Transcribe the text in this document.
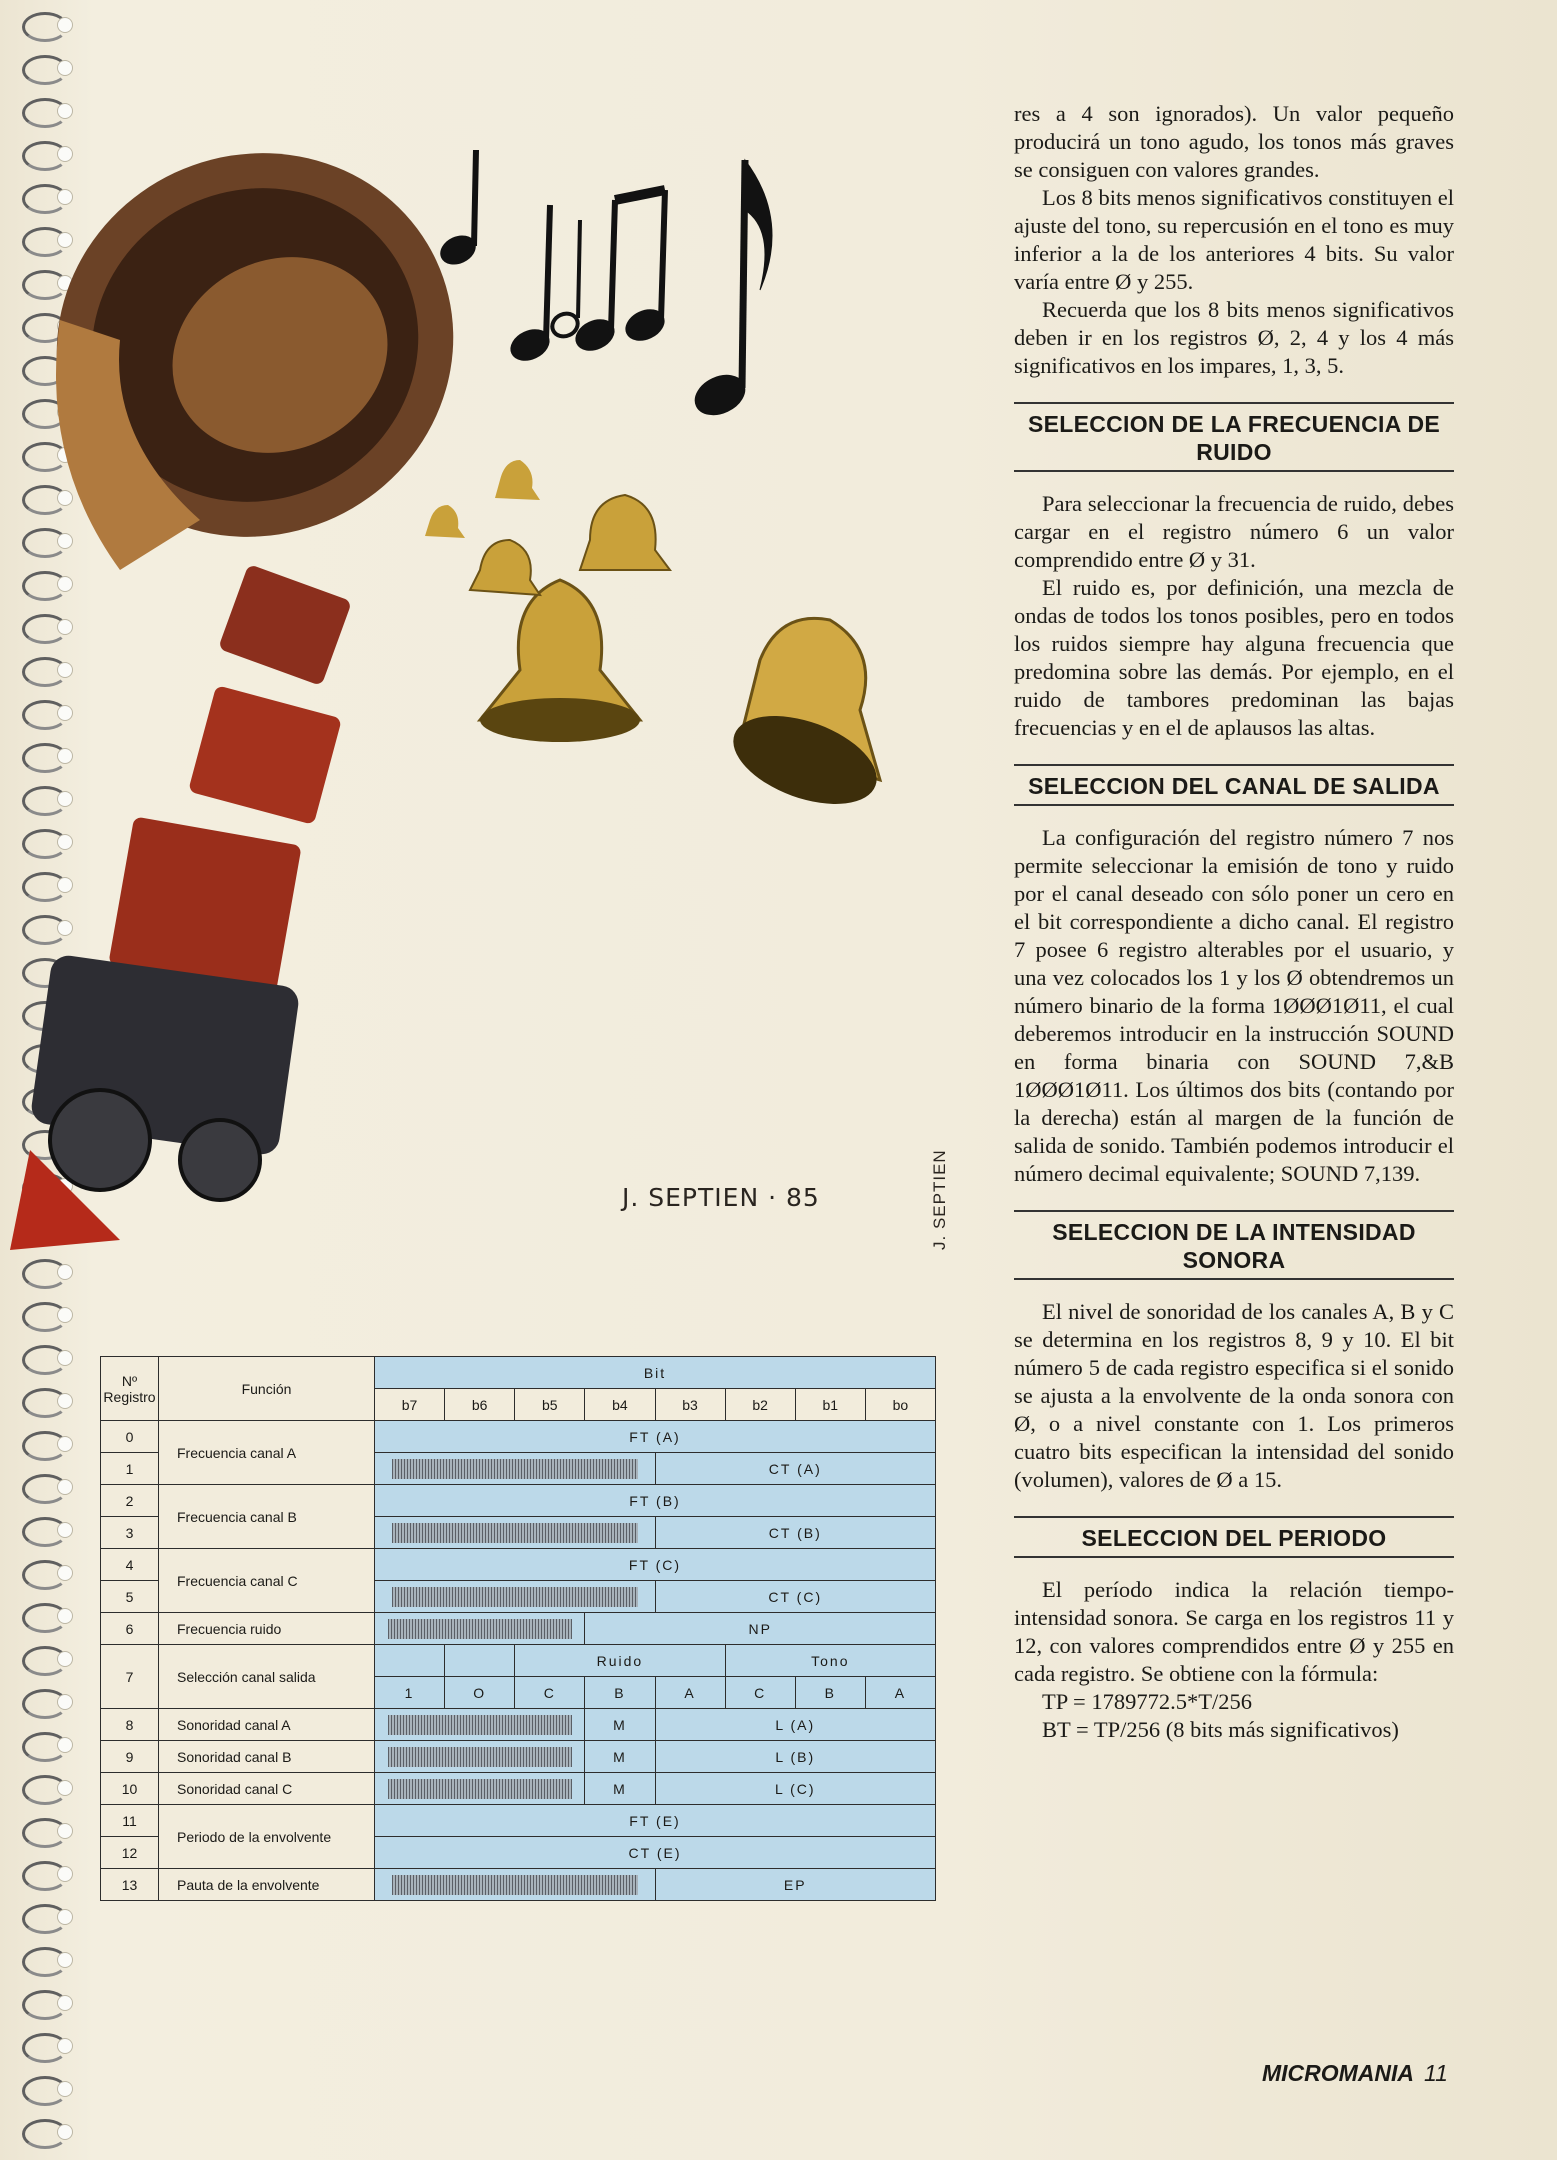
J. SEPTIEN · 85	J. SEPTIEN

res a 4 son ignorados). Un valor pequeño producirá un tono agudo, los tonos más graves se consiguen con valores grandes.

Los 8 bits menos significativos constituyen el ajuste del tono, su repercusión en el tono es muy inferior a la de los anteriores 4 bits. Su valor varía entre Ø y 255.

Recuerda que los 8 bits menos significativos deben ir en los registros Ø, 2, 4 y los 4 más significativos en los impares, 1, 3, 5.

SELECCION DE LA FRECUENCIA DE RUIDO

Para seleccionar la frecuencia de ruido, debes cargar en el registro número 6 un valor comprendido entre Ø y 31.

El ruido es, por definición, una mezcla de ondas de todos los tonos posibles, pero en todos los ruidos siempre hay alguna frecuencia que predomina sobre las demás. Por ejemplo, en el ruido de tambores predominan las bajas frecuencias y en el de aplausos las altas.

SELECCION DEL CANAL DE SALIDA

La configuración del registro número 7 nos permite seleccionar la emisión de tono y ruido por el canal deseado con sólo poner un cero en el bit correspondiente a dicho canal. El registro 7 posee 6 registro alterables por el usuario, y una vez colocados los 1 y los Ø obtendremos un número binario de la forma 1ØØØ1Ø11, el cual deberemos introducir en la instrucción SOUND en forma binaria con SOUND 7,&B 1ØØØ1Ø11. Los últimos dos bits (contando por la derecha) están al margen de la función de salida de sonido. También podemos introducir el número decimal equivalente; SOUND 7,139.

SELECCION DE LA INTENSIDAD SONORA

El nivel de sonoridad de los canales A, B y C se determina en los registros 8, 9 y 10. El bit número 5 de cada registro especifica si el sonido se ajusta a la envolvente de la onda sonora con Ø, o a nivel constante con 1. Los primeros cuatro bits especifican la intensidad del sonido (volumen), valores de Ø a 15.

SELECCION DEL PERIODO

El período indica la relación tiempo-intensidad sonora. Se carga en los registros 11 y 12, con valores comprendidos entre Ø y 255 en cada registro. Se obtiene con la fórmula:

TP = 1789772.5*T/256

BT = TP/256 (8 bits más significativos)

Nº Registro	Función	Bit							
		b7	b6	b5	b4	b3	b2	b1	bo
0	Frecuencia canal A	FT (A)							
1						CT (A)			
2	Frecuencia canal B	FT (B)							
3						CT (B)			
4	Frecuencia canal C	FT (C)							
5						CT (C)			
6	Frecuencia ruido				NP				
7	Selección canal salida			Ruido			Tono		
		1	O	C	B	A	C	B	A
8	Sonoridad canal A				M	L (A)			
9	Sonoridad canal B				M	L (B)			
10	Sonoridad canal C				M	L (C)			
11	Periodo de la envolvente	FT (E)							
12		CT (E)							
13	Pauta de la envolvente					EP			
MICROMANIA 11
